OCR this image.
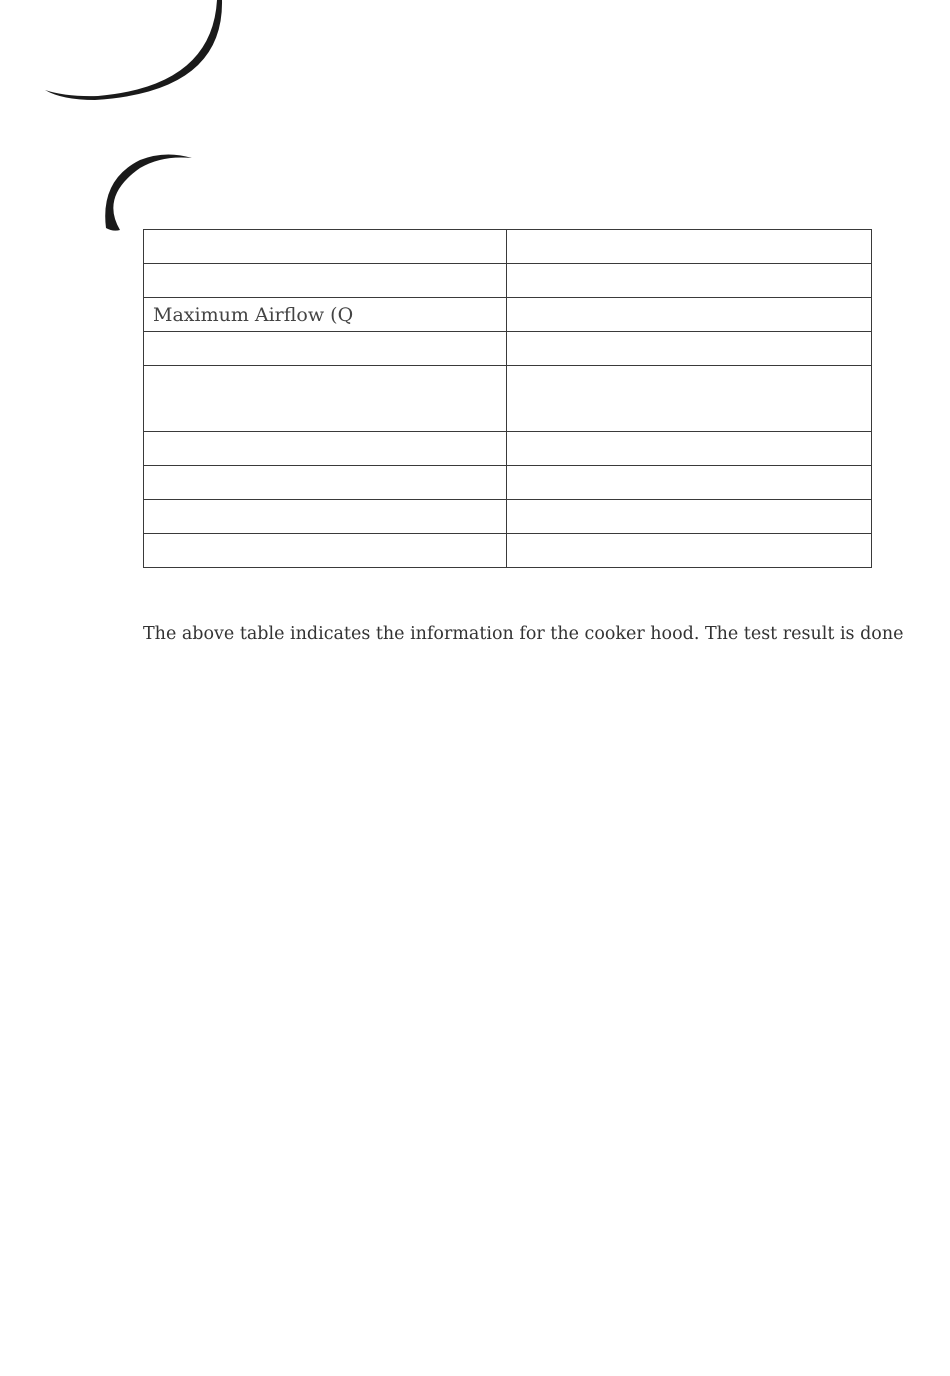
Maximum Airflow (Q	

The above table indicates the information for the cooker hood. The test result is done
